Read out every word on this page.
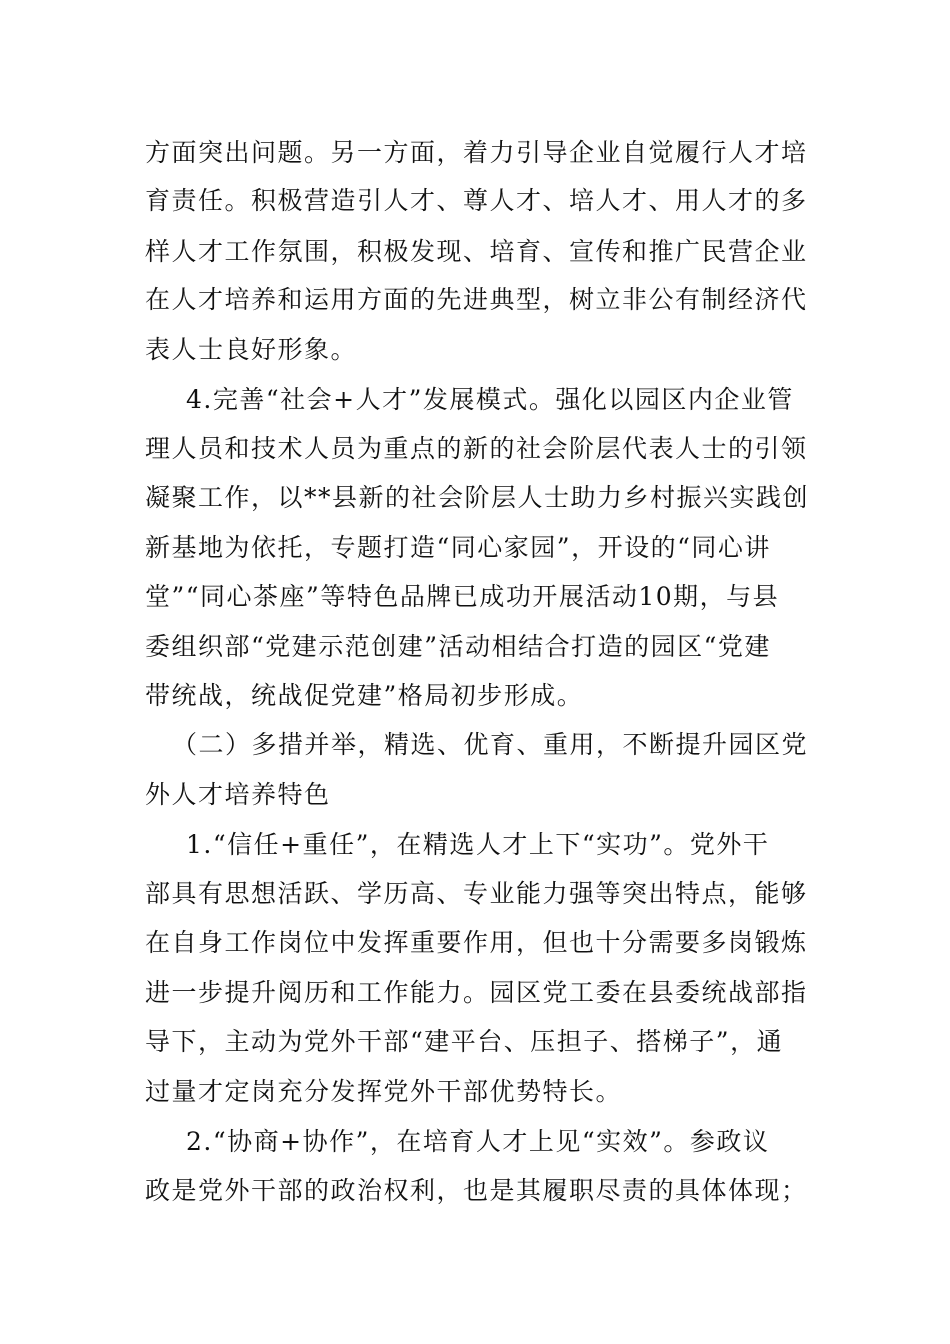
方面突出问题。另一方面，着力引导企业自觉履行人才培
育责任。积极营造引人才、尊人才、培人才、用人才的多
样人才工作氛围，积极发现、培育、宣传和推广民营企业
在人才培养和运用方面的先进典型，树立非公有制经济代
表人士良好形象。
4.完善“社会+人才”发展模式。强化以园区内企业管
理人员和技术人员为重点的新的社会阶层代表人士的引领
凝聚工作，以**县新的社会阶层人士助力乡村振兴实践创
新基地为依托，专题打造“同心家园”，开设的“同心讲
堂”“同心茶座”等特色品牌已成功开展活动10期，与县
委组织部“党建示范创建”活动相结合打造的园区“党建
带统战，统战促党建”格局初步形成。
（二）多措并举，精选、优育、重用，不断提升园区党
外人才培养特色
1.“信任+重任”，在精选人才上下“实功”。党外干
部具有思想活跃、学历高、专业能力强等突出特点，能够
在自身工作岗位中发挥重要作用，但也十分需要多岗锻炼
进一步提升阅历和工作能力。园区党工委在县委统战部指
导下，主动为党外干部“建平台、压担子、搭梯子”，通
过量才定岗充分发挥党外干部优势特长。
2.“协商+协作”，在培育人才上见“实效”。参政议
政是党外干部的政治权利，也是其履职尽责的具体体现；
